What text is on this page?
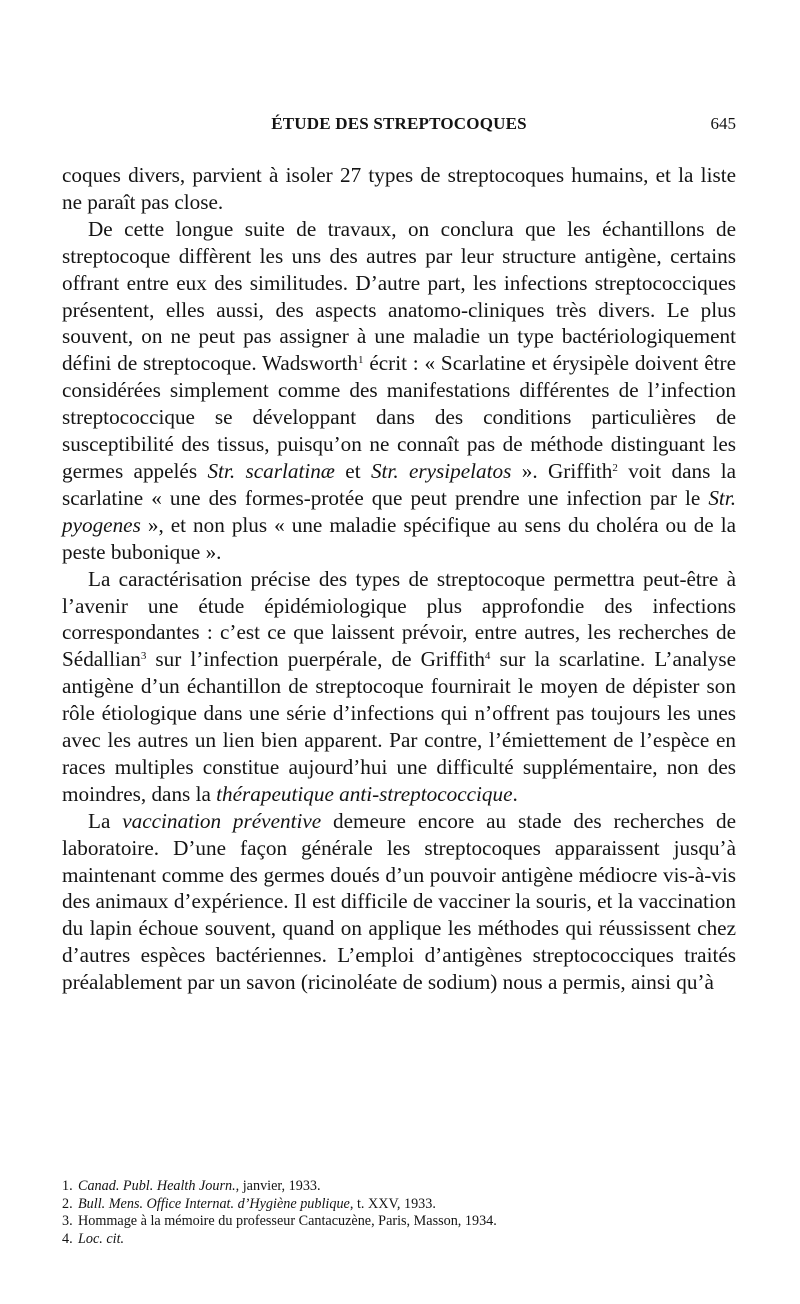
ÉTUDE DES STREPTOCOQUES	645

coques divers, parvient à isoler 27 types de streptocoques humains, et la liste ne paraît pas close.

De cette longue suite de travaux, on conclura que les échantillons de streptocoque diffèrent les uns des autres par leur structure antigène, certains offrant entre eux des similitudes. D’autre part, les infections streptococciques présentent, elles aussi, des aspects anatomo-cliniques très divers. Le plus souvent, on ne peut pas assigner à une maladie un type bactériologiquement défini de streptocoque. Wadsworth$^1$ écrit : « Scarlatine et érysipèle doivent être considérées simplement comme des manifestations différentes de l’infection streptococcique se développant dans des conditions particulières de susceptibilité des tissus, puisqu’on ne connaît pas de méthode distinguant les germes appelés Str. scarlatinæ et Str. erysipelatos ». Griffith$^2$ voit dans la scarlatine « une des formes-protée que peut prendre une infection par le Str. pyogenes », et non plus « une maladie spécifique au sens du choléra ou de la peste bubonique ».

La caractérisation précise des types de streptocoque permettra peut-être à l’avenir une étude épidémiologique plus approfondie des infections correspondantes : c’est ce que laissent prévoir, entre autres, les recherches de Sédallian$^3$ sur l’infection puerpérale, de Griffith$^4$ sur la scarlatine. L’analyse antigène d’un échantillon de streptocoque fournirait le moyen de dépister son rôle étiologique dans une série d’infections qui n’offrent pas toujours les unes avec les autres un lien bien apparent. Par contre, l’émiettement de l’espèce en races multiples constitue aujourd’hui une difficulté supplémentaire, non des moindres, dans la thérapeutique anti-streptococcique.

La vaccination préventive demeure encore au stade des recherches de laboratoire. D’une façon générale les streptocoques apparaissent jusqu’à maintenant comme des germes doués d’un pouvoir antigène médiocre vis-à-vis des animaux d’expérience. Il est difficile de vacciner la souris, et la vaccination du lapin échoue souvent, quand on applique les méthodes qui réussissent chez d’autres espèces bactériennes. L’emploi d’antigènes streptococciques traités préalablement par un savon (ricinoléate de sodium) nous a permis, ainsi qu’à

1. Canad. Publ. Health Journ., janvier, 1933.
2. Bull. Mens. Office Internat. d’Hygiène publique, t. XXV, 1933.
3. Hommage à la mémoire du professeur Cantacuzène, Paris, Masson, 1934.
4. Loc. cit.
